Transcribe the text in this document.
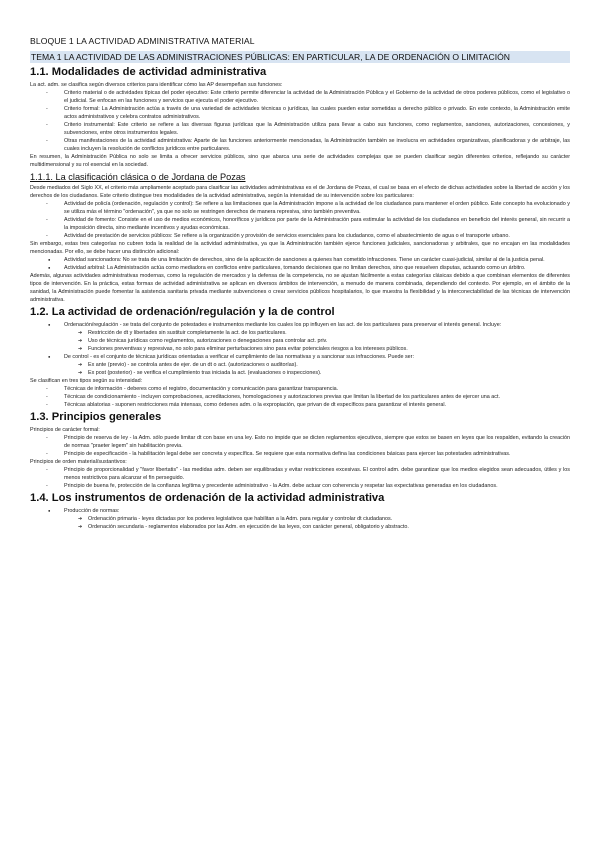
BLOQUE 1 LA ACTIVIDAD ADMINISTRATIVA MATERIAL
TEMA 1 LA ACTIVIDAD DE LAS ADMINISTRACIONES PÚBLICAS: EN PARTICULAR, LA DE ORDENACIÓN O LIMITACIÓN
1.1. Modalidades de actividad administrativa

La act. adm. se clasifica según diversos criterios para identificar cómo las AP desempeñan sus funciones:

- Criterio material o de actividades típicas del poder ejecutivo: Este criterio permite diferenciar la actividad de la Administración Pública y el Gobierno de la actividad de otros poderes públicos, como el legislativo o el judicial. Se enfocan en las funciones y servicios que ejecuta el poder ejecutivo.
- Criterio formal: La Administración actúa a través de una variedad de actividades técnicas o jurídicas, las cuales pueden estar sometidas a derecho público o privado. En este contexto, la Administración emite actos administrativos y celebra contratos administrativos.
- Criterio instrumental: Este criterio se refiere a las diversas figuras jurídicas que la Administración utiliza para llevar a cabo sus funciones, como reglamentos, sanciones, autorizaciones, concesiones, y subvenciones, entre otros instrumentos legales.
- Otras manifestaciones de la actividad administrativa: Aparte de las funciones anteriormente mencionadas, la Administración también se involucra en actividades organizativas, planificadoras y de arbitraje, las cuales incluyen la resolución de conflictos jurídicos entre particulares.

En resumen, la Administración Pública no solo se limita a ofrecer servicios públicos, sino que abarca una serie de actividades complejas que se pueden clasificar según diferentes criterios, reflejando su carácter multidimensional y su rol esencial en la sociedad.

1.1.1. La clasificación clásica o de Jordana de Pozas

Desde mediados del Siglo XX, el criterio más ampliamente aceptado para clasificar las actividades administrativas es el de Jordana de Pozas, el cual se basa en el efecto de dichas actividades sobre la libertad de acción y los derechos de los ciudadanos. Este criterio distingue tres modalidades de la actividad administrativa, según la intensidad de su intervención sobre los particulares:

- Actividad de policía (ordenación, regulación y control): Se refiere a las limitaciones que la Administración impone a la actividad de los ciudadanos para mantener el orden público. Este concepto ha evolucionado y se utiliza más el término "ordenación", ya que no solo se restringen derechos de manera represiva, sino también preventiva.
- Actividad de fomento: Consiste en el uso de medios económicos, honoríficos y jurídicos por parte de la Administración para estimular la actividad de los ciudadanos en beneficio del interés general, sin recurrir a la imposición directa, sino mediante incentivos y ayudas económicas.
- Actividad de prestación de servicios públicos: Se refiere a la organización y provisión de servicios esenciales para los ciudadanos, como el abastecimiento de agua o el transporte urbano.

Sin embargo, estas tres categorías no cubren toda la realidad de la actividad administrativa, ya que la Administración también ejerce funciones judiciales, sancionadoras y arbitrales, que no encajan en las modalidades mencionadas. Por ello, se debe hacer una distinción adicional:

● Actividad sancionadora: No se trata de una limitación de derechos, sino de la aplicación de sanciones a quienes han cometido infracciones. Tiene un carácter cuasi-judicial, similar al de la justicia penal.
● Actividad arbitral: La Administración actúa como mediadora en conflictos entre particulares, tomando decisiones que no limitan derechos, sino que resuelven disputas, actuando como un árbitro.

Además, algunas actividades administrativas modernas, como la regulación de mercados y la defensa de la competencia, no se ajustan fácilmente a estas categorías clásicas debido a que combinan elementos de diferentes tipos de intervención. En la práctica, estas formas de actividad administrativa se aplican en diversos ámbitos de intervención, a menudo de manera combinada, dependiendo del contexto. Por ejemplo, en el ámbito de la sanidad, la Administración puede fomentar la asistencia sanitaria privada mediante subvenciones o crear servicios públicos hospitalarios, lo que muestra la flexibilidad y la interconectabilidad de las técnicas de intervención administrativa.

1.2. La actividad de ordenación/regulación y la de control
● Ordenación/regulación - se trata del conjunto de potestades e instrumentos mediante los cuales los pp influyen en las act. de los particulares para preservar el interés general. Incluye:
➔ Restricción de dt y libertades sin sustituir completamente la act. de los particulares.
➔ Uso de técnicas jurídicas como reglamentos, autorizaciones o denegaciones para controlar act. priv.
➔ Funciones preventivas y represivas, no solo para eliminar perturbaciones sino para evitar potenciales riesgos a los intereses públicos.
● De control - es el conjunto de técnicas jurídicas orientadas a verificar el cumplimiento de las normativas y a sancionar sus infracciones. Puede ser:
➔ Ex ante (previo) - se controla antes de ejer. de un dt o act. (autorizaciones o auditorías).
➔ Ex post (posterior) - se verifica el cumplimiento tras iniciada la act. (evaluaciones o inspecciones).

Se clasifican en tres tipos según su intensidad:

- Técnicas de información - deberes como el registro, documentación y comunicación para garantizar transparencia.
- Técnicas de condicionamiento - incluyen comprobaciones, acreditaciones, homologaciones y autorizaciones previas que limitan la libertad de los particulares antes de ejercer una act.
- Técnicas ablatorias - suponen restricciones más intensas, como órdenes adm. o la expropiación, que privan de dt específicos para garantizar el interés general.
1.3. Principios generales

Principios de carácter formal:

- Principio de reserva de ley - la Adm. sólo puede limitar dt con base en una ley. Esto no impide que se dicten reglamentos ejecutivos, siempre que estos se basen en leyes que los respalden, evitando la creación de normas "praeter legem" sin habilitación previa.
- Principio de especificación - la habilitación legal debe ser concreta y específica. Se requiere que esta normativa defina las condiciones básicas para ejercer las potestades administrativas.

Principios de orden material/sustantivos:

- Principio de proporcionalidad y "favor libertatis" - las medidas adm. deben ser equilibradas y evitar restricciones excesivas. El control adm. debe garantizar que los medios elegidos sean adecuados, útiles y los menos restrictivos para alcanzar el fin perseguido.
- Principio de buena fe, protección de la confianza legítima y precedente administrativo - la Adm. debe actuar con coherencia y respetar las expectativas generadas en los ciudadanos.
1.4. Los instrumentos de ordenación de la actividad administrativa
● Producción de normas:
➔ Ordenación primaria - leyes dictadas por los poderes legislativos que habilitan a la Adm. para regular y controlar dt ciudadanos.
➔ Ordenación secundaria - reglamentos elaborados por las Adm. en ejecución de las leyes, con carácter general, obligatorio y abstracto.
